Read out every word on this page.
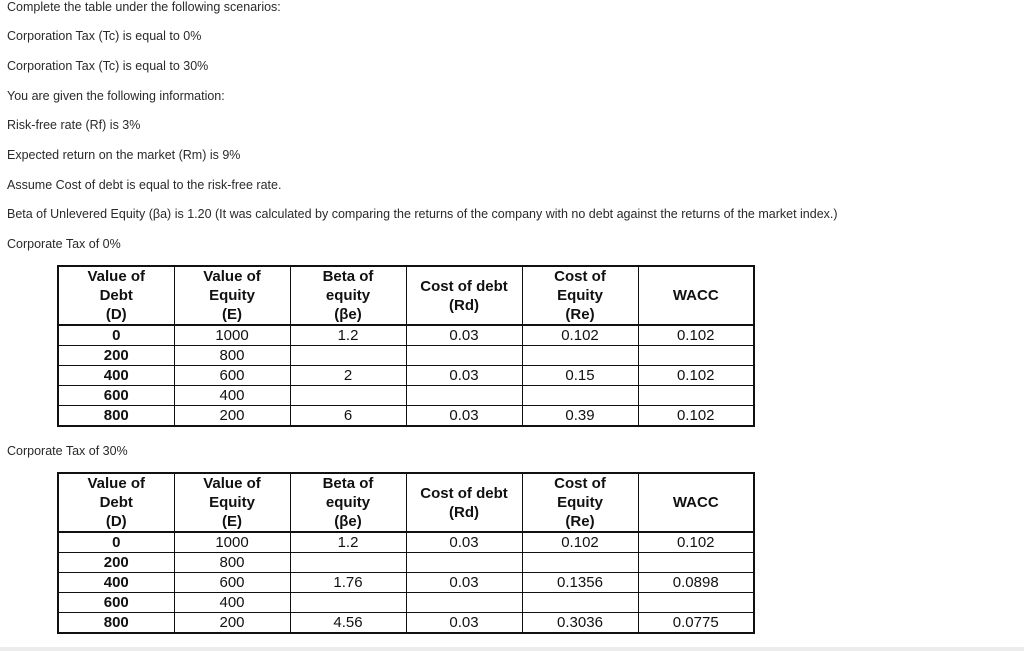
Complete the table under the following scenarios:
Corporation Tax (Tc) is equal to 0%
Corporation Tax (Tc) is equal to 30%
You are given the following information:
Risk-free rate (Rf) is 3%
Expected return on the market (Rm) is 9%
Assume Cost of debt is equal to the risk-free rate.
Beta of Unlevered Equity (βa) is 1.20 (It was calculated by comparing the returns of the company with no debt against the returns of the market index.)
Corporate Tax of 0%
Value of
Debt
(D)	Value of
Equity
(E)	Beta of
equity
(βe)	Cost of debt
(Rd)	Cost of
Equity
(Re)	WACC
0	1000	1.2	0.03	0.102	0.102
200	800				
400	600	2	0.03	0.15	0.102
600	400				
800	200	6	0.03	0.39	0.102
Corporate Tax of 30%
Value of
Debt
(D)	Value of
Equity
(E)	Beta of
equity
(βe)	Cost of debt
(Rd)	Cost of
Equity
(Re)	WACC
0	1000	1.2	0.03	0.102	0.102
200	800				
400	600	1.76	0.03	0.1356	0.0898
600	400				
800	200	4.56	0.03	0.3036	0.0775
